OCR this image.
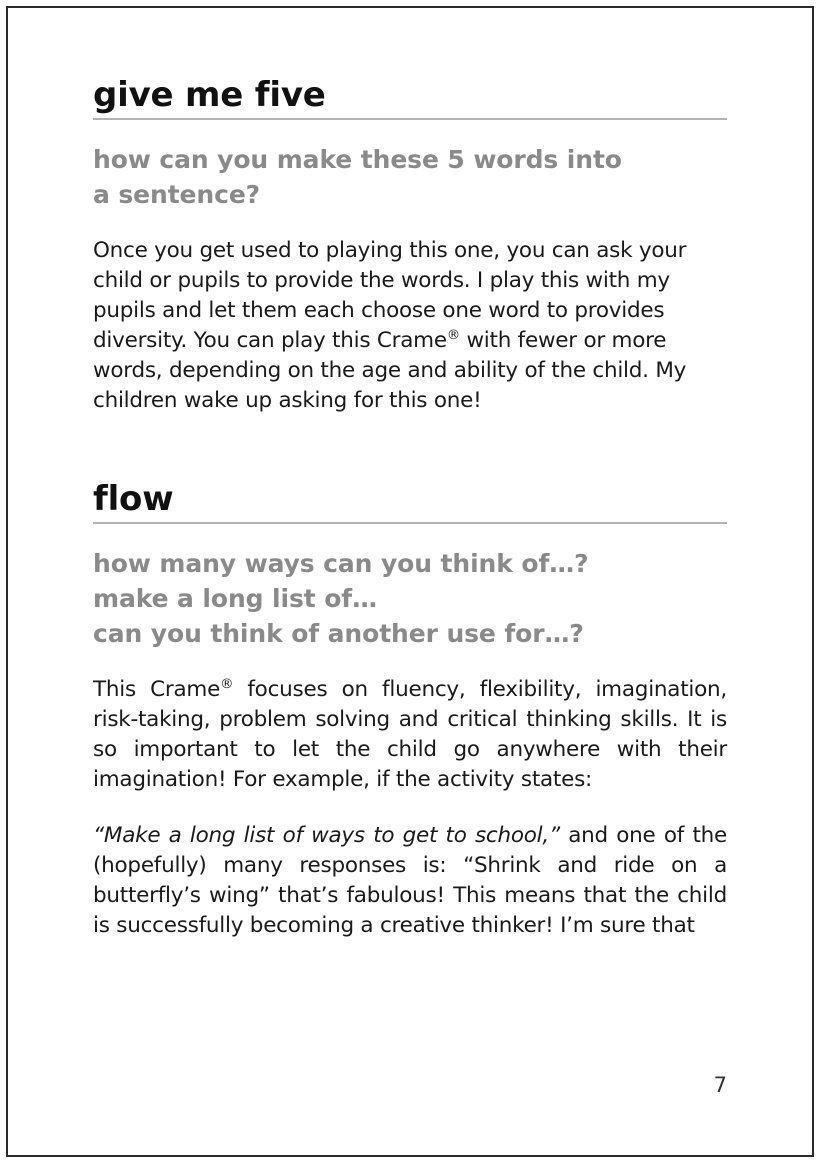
give me five

how can you make these 5 words into

a sentence?

Once you get used to playing this one, you can ask your child or pupils to provide the words. I play this with my pupils and let them each choose one word to provides diversity. You can play this Crame® with fewer or more words, depending on the age and ability of the child. My children wake up asking for this one!

flow

how many ways can you think of…?

make a long list of…

can you think of another use for…?

This Crame® focuses on fluency, flexibility, imagination, risk-taking, problem solving and critical thinking skills. It is so important to let the child go anywhere with their imagination! For example, if the activity states:

“Make a long list of ways to get to school,” and one of the (hopefully) many responses is: “Shrink and ride on a butterfly’s wing” that’s fabulous! This means that the child is successfully becoming a creative thinker! I’m sure that

7
